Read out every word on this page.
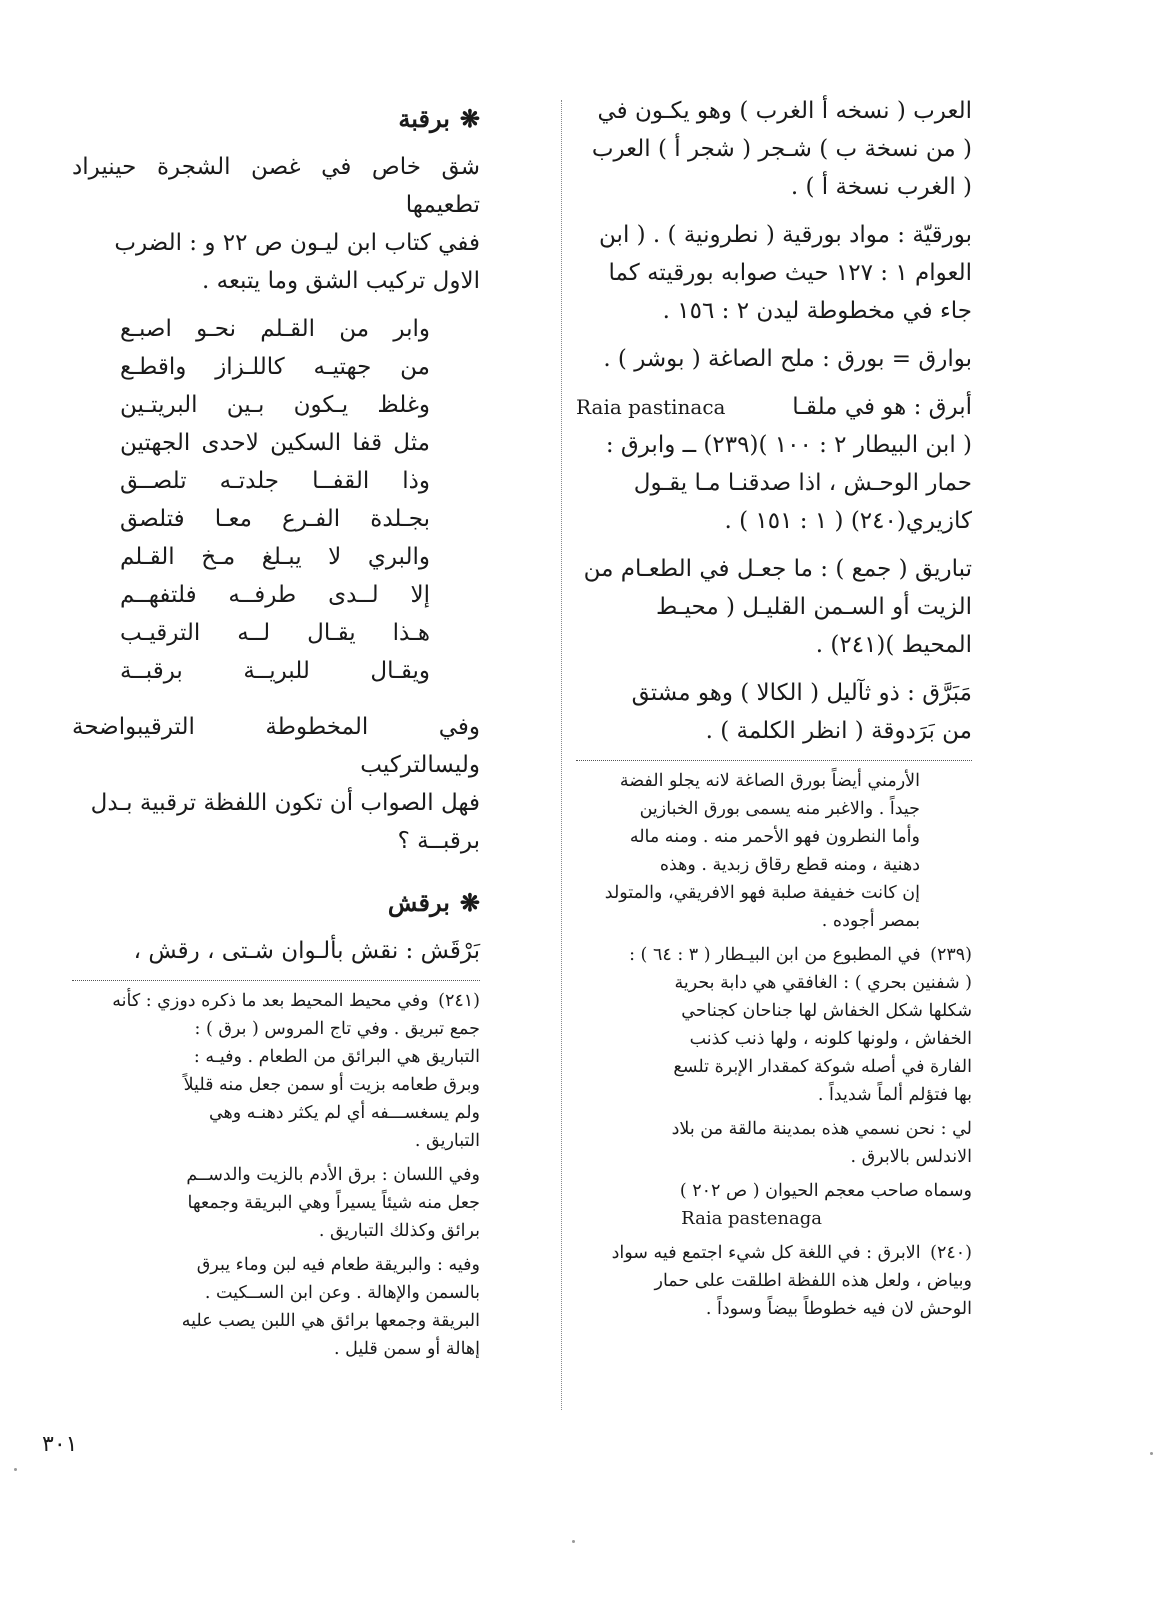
العرب ( نسخه أ الغرب ) وهو يكـون في

( من نسخة ب ) شـجر ( شجر أ ) العرب

( الغرب نسخة أ ) .

بورقيّة : مواد بورقية ( نطرونية ) . ( ابن

العوام ١ : ١٢٧ حيث صوابه بورقيته كما

جاء في مخطوطة ليدن ٢ : ١٥٦ .

بوارق = بورق : ملح الصاغة ( بوشر ) .

أبرق : هو في ملقـا
Raia pastinaca

( ابن البيطار ٢ : ١٠٠ )(٢٣٩) ــ وابرق :

حمار الوحـش ، اذا صدقنـا مـا يقـول

كازيري(٢٤٠) ( ١ : ١٥١ ) .

تباريق ( جمع ) : ما جعـل في الطعـام من

الزيت أو السـمن القليـل ( محيـط

المحيط )(٢٤١) .

مَبَرَّق : ذو ثآليل ( الكالا ) وهو مشتق

من بَرَدوقة ( انظر الكلمة ) .

الأرمني أيضاً بورق الصاغة لانه يجلو الفضة
جيداً . والاغبر منه يسمى بورق الخبازين
وأما النطرون فهو الأحمر منه . ومنه ماله
دهنية ، ومنه قطع رقاق زبدية . وهذه
إن كانت خفيفة صلبة فهو الافريقي، والمتولد
بمصر أجوده .

(٢٣٩) في المطبوع من ابن البيـطار ( ٣ : ٦٤ ) :
( شفنين بحري ) : الغافقي هي دابة بحرية
شكلها شكل الخفاش لها جناحان كجناحي
الخفاش ، ولونها كلونه ، ولها ذنب كذنب
الفارة في أصله شوكة كمقدار الإبرة تلسع
بها فتؤلم ألماً شديداً .

لي : نحن نسمي هذه بمدينة مالقة من بلاد
الاندلس بالابرق .

وسماه صاحب معجم الحيوان ( ص ٢٠٢ )
Raia pastenaga

(٢٤٠) الابرق : في اللغة كل شيء اجتمع فيه سواد
وبياض ، ولعل هذه اللفظة اطلقت على حمار
الوحش لان فيه خطوطاً بيضاً وسوداً .

❋برقبة

شق خاص في غصن الشجرة حينيراد تطعيمها

ففي كتاب ابن ليـون ص ٢٢ و : الضرب

الاول تركيب الشق وما يتبعه .

وابر من القـلم نحـو اصبـع
من جهتيـه كاللـزاز واقطـع
وغلظ يـكون بـين البريتـين
مثل قفا السكين لاحدى الجهتين
وذا القفــا جلدتـه تلصــق
بجـلدة الفـرع معـا فتلصق
والبري لا يبـلغ مـخ القـلم
إلا لــدى طرفــه فلتفهــم
هـذا يقـال لــه الترقيـب
ويقـال للبريــة برقبــة

وفي المخطوطة الترقيبواضحة وليسالتركيب

فهل الصواب أن تكون اللفظة ترقبية بـدل

برقبــة ؟

❋برقش

بَرْقَش : نقش بألـوان شـتى ، رقش ،

(٢٤١) وفي محيط المحيط بعد ما ذكره دوزي : كأنه
جمع تبريق . وفي تاج المروس ( برق ) :
التباريق هي البرائق من الطعام . وفيـه :
وبرق طعامه بزيت أو سمن جعل منه قليلاً
ولم يسغســـفه أي لم يكثر دهنـه وهي
التباريق .

وفي اللسان : برق الأدم بالزيت والدســم
جعل منه شيئاً يسيراً وهي البريقة وجمعها
برائق وكذلك التباريق .

وفيه : والبريقة طعام فيه لبن وماء يبرق
بالسمن والإهالة . وعن ابن الســكيت .
البريقة وجمعها برائق هي اللبن يصب عليه
إهالة أو سمن قليل .

٣٠١
